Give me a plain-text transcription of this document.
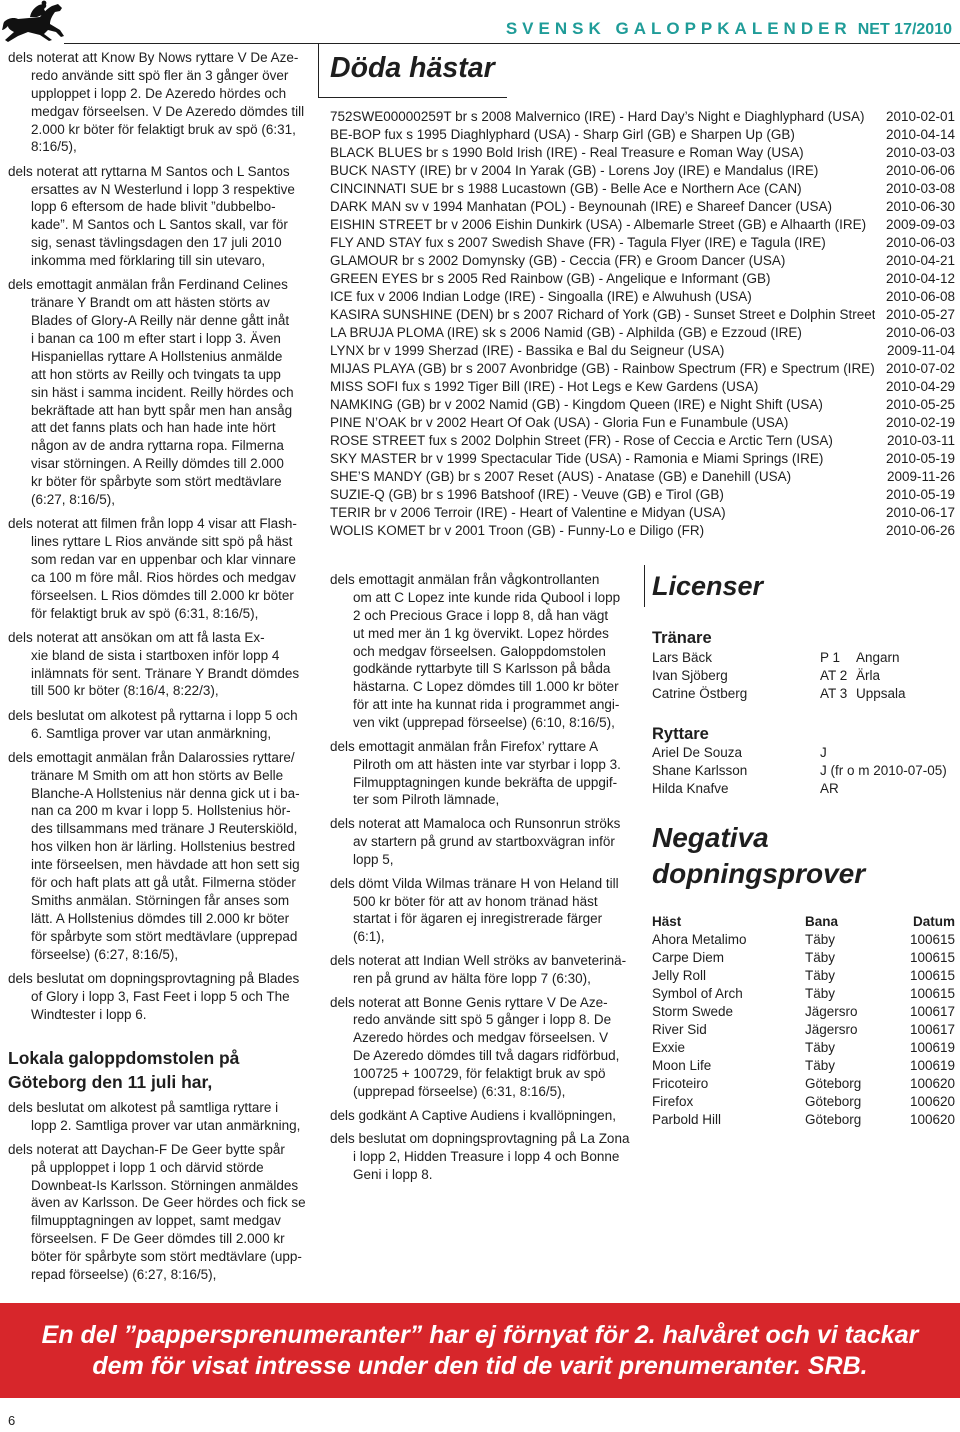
SVENSK GALOPPKALENDER NET 17/2010
Döda hästar
752SWE00000259T br s 2008 Malvernico (IRE) - Hard Day’s Night e Diaghlyphard (USA)	2010-02-01
BE-BOP fux s 1995 Diaghlyphard (USA) - Sharp Girl (GB) e Sharpen Up (GB)	2010-04-14
BLACK BLUES br s 1990 Bold Irish (IRE) - Real Treasure e Roman Way (USA)	2010-03-03
BUCK NASTY (IRE) br v 2004 In Yarak (GB) - Lorens Joy (IRE) e Mandalus (IRE)	2010-06-06
CINCINNATI SUE br s 1988 Lucastown (GB) - Belle Ace e Northern Ace (CAN)	2010-03-08
DARK MAN sv v 1994 Manhatan (POL) - Beynounah (IRE) e Shareef Dancer (USA)	2010-06-30
EISHIN STREET br v 2006 Eishin Dunkirk (USA) - Albemarle Street (GB) e Alhaarth (IRE)	2009-09-03
FLY AND STAY fux s 2007 Swedish Shave (FR) - Tagula Flyer (IRE) e Tagula (IRE)	2010-06-03
GLAMOUR br s 2002 Domynsky (GB) - Ceccia (FR) e Groom Dancer (USA)	2010-04-21
GREEN EYES br s 2005 Red Rainbow (GB) - Angelique e Informant (GB)	2010-04-12
ICE fux v 2006 Indian Lodge (IRE) - Singoalla (IRE) e Alwuhush (USA)	2010-06-08
KASIRA SUNSHINE (DEN) br s 2007 Richard of York (GB) - Sunset Street e Dolphin Street 2010-05-27
LA BRUJA PLOMA (IRE) sk s 2006 Namid (GB) - Alphilda (GB) e Ezzoud (IRE)	2010-06-03
LYNX br v 1999 Sherzad (IRE) - Bassika e Bal du Seigneur (USA)	2009-11-04
MIJAS PLAYA (GB) br s 2007 Avonbridge (GB) - Rainbow Spectrum (FR) e Spectrum (IRE) 2010-07-02
MISS SOFI fux s 1992 Tiger Bill (IRE) - Hot Legs e Kew Gardens (USA)	2010-04-29
NAMKING (GB) br v 2002 Namid (GB) - Kingdom Queen (IRE) e Night Shift (USA)	2010-05-25
PINE N’OAK br v 2002 Heart Of Oak (USA) - Gloria Fun e Funambule (USA)	2010-02-19
ROSE STREET fux s 2002 Dolphin Street (FR) - Rose of Ceccia e Arctic Tern (USA)	2010-03-11
SKY MASTER br v 1999 Spectacular Tide (USA) - Ramonia e Miami Springs (IRE)	2010-05-19
SHE’S MANDY (GB) br s 2007 Reset (AUS) - Anatase (GB) e Danehill (USA)	2009-11-26
SUZIE-Q (GB) br s 1996 Batshoof (IRE) - Veuve (GB) e Tirol (GB)	2010-05-19
TERIR br v 2006 Terroir (IRE) - Heart of Valentine e Midyan (USA)	2010-06-17
WOLIS KOMET br v 2001 Troon (GB) - Funny-Lo e Diligo (FR)	2010-06-26
dels noterat att Know By Nows ryttare V De Aze-
redo använde sitt spö fler än 3 gånger över
upploppet i lopp 2. De Azeredo hördes och
medgav förseelsen. V De Azeredo dömdes till
2.000 kr böter för felaktigt bruk av spö (6:31,
8:16/5),
dels noterat att ryttarna M Santos och L Santos
ersattes av N Westerlund i lopp 3 respektive
lopp 6 eftersom de hade blivit ”dubbelbo-
kade”. M Santos och L Santos skall, var för
sig, senast tävlingsdagen den 17 juli 2010
inkomma med förklaring till sin utevaro,
dels emottagit anmälan från Ferdinand Celines
tränare Y Brandt om att hästen störts av
Blades of Glory-A Reilly när denne gått inåt
i banan ca 100 m efter start i lopp 3. Även
Hispaniellas ryttare A Hollstenius anmälde
att hon störts av Reilly och tvingats ta upp
sin häst i samma incident. Reilly hördes och
bekräftade att han bytt spår men han ansåg
att det fanns plats och han hade inte hört
någon av de andra ryttarna ropa. Filmerna
visar störningen. A Reilly dömdes till 2.000
kr böter för spårbyte som stört medtävlare
(6:27, 8:16/5),
dels noterat att filmen från lopp 4 visar att Flash-
lines ryttare L Rios använde sitt spö på häst
som redan var en uppenbar och klar vinnare
ca 100 m före mål. Rios hördes och medgav
förseelsen. L Rios dömdes till 2.000 kr böter
för felaktigt bruk av spö (6:31, 8:16/5),
dels noterat att ansökan om att få lasta Ex-
xie bland de sista i startboxen inför lopp 4
inlämnats för sent. Tränare Y Brandt dömdes
till 500 kr böter (8:16/4, 8:22/3),
dels beslutat om alkotest på ryttarna i lopp 5 och
6. Samtliga prover var utan anmärkning,
dels emottagit anmälan från Dalarossies ryttare/
tränare M Smith om att hon störts av Belle
Blanche-A Hollstenius när denna gick ut i ba-
nan ca 200 m kvar i lopp 5. Hollstenius hör-
des tillsammans med tränare J Reuterskiöld,
hos vilken hon är lärling. Hollstenius bestred
inte förseelsen, men hävdade att hon sett sig
för och haft plats att gå utåt. Filmerna stöder
Smiths anmälan. Störningen får anses som
lätt. A Hollstenius dömdes till 2.000 kr böter
för spårbyte som stört medtävlare (upprepad
förseelse) (6:27, 8:16/5),
dels beslutat om dopningsprovtagning på Blades
of Glory i lopp 3, Fast Feet i lopp 5 och The
Windtester i lopp 6.
Lokala galoppdomstolen på
Göteborg den 11 juli har,
dels beslutat om alkotest på samtliga ryttare i
lopp 2. Samtliga prover var utan anmärkning,
dels noterat att Daychan-F De Geer bytte spår
på upploppet i lopp 1 och därvid störde
Downbeat-Is Karlsson. Störningen anmäldes
även av Karlsson. De Geer hördes och fick se
filmupptagningen av loppet, samt medgav
förseelsen. F De Geer dömdes till 2.000 kr
böter för spårbyte som stört medtävlare (upp-
repad förseelse) (6:27, 8:16/5),
dels emottagit anmälan från vågkontrollanten
om att C Lopez inte kunde rida Qubool i lopp
2 och Precious Grace i lopp 8, då han vägt
ut med mer än 1 kg övervikt. Lopez hördes
och medgav förseelsen. Galoppdomstolen
godkände ryttarbyte till S Karlsson på båda
hästarna. C Lopez dömdes till 1.000 kr böter
för att inte ha kunnat rida i programmet angi-
ven vikt (upprepad förseelse) (6:10, 8:16/5),
dels emottagit anmälan från Firefox’ ryttare A
Pilroth om att hästen inte var styrbar i lopp 3.
Filmupptagningen kunde bekräfta de uppgif-
ter som Pilroth lämnade,
dels noterat att Mamaloca och Runsonrun ströks
av startern på grund av startboxvägran inför
lopp 5,
dels dömt Vilda Wilmas tränare H von Heland till
500 kr böter för att av honom tränad häst
startat i för ägaren ej inregistrerade färger
(6:1),
dels noterat att Indian Well ströks av banveterinä-
ren på grund av hälta före lopp 7 (6:30),
dels noterat att Bonne Genis ryttare V De Aze-
redo använde sitt spö 5 gånger i lopp 8. De
Azeredo hördes och medgav förseelsen. V
De Azeredo dömdes till två dagars ridförbud,
100725 + 100729, för felaktigt bruk av spö
(upprepad förseelse) (6:31, 8:16/5),
dels godkänt A Captive Audiens i kvallöpningen,
dels beslutat om dopningsprovtagning på La Zona
i lopp 2, Hidden Treasure i lopp 4 och Bonne
Geni i lopp 8.
Licenser
Tränare
Lars Bäck	P 1 Angarn
Ivan Sjöberg	AT 2 Ärla
Catrine Östberg	AT 3 Uppsala
Ryttare
Ariel De Souza	J
Shane Karlsson	J (fr o m 2010-07-05)
Hilda Knafve	AR
Negativa
dopningsprover
Häst	Bana	Datum
Ahora Metalimo	Täby	100615
Carpe Diem	Täby	100615
Jelly Roll	Täby	100615
Symbol of Arch	Täby	100615
Storm Swede	Jägersro	100617
River Sid	Jägersro	100617
Exxie	Täby	100619
Moon Life	Täby	100619
Fricoteiro	Göteborg	100620
Firefox	Göteborg	100620
Parbold Hill	Göteborg	100620
En del ”pappersprenumeranter” har ej förnyat för 2. halvåret och vi tackar
dem för visat intresse under den tid de varit prenumeranter. SRB.
6
